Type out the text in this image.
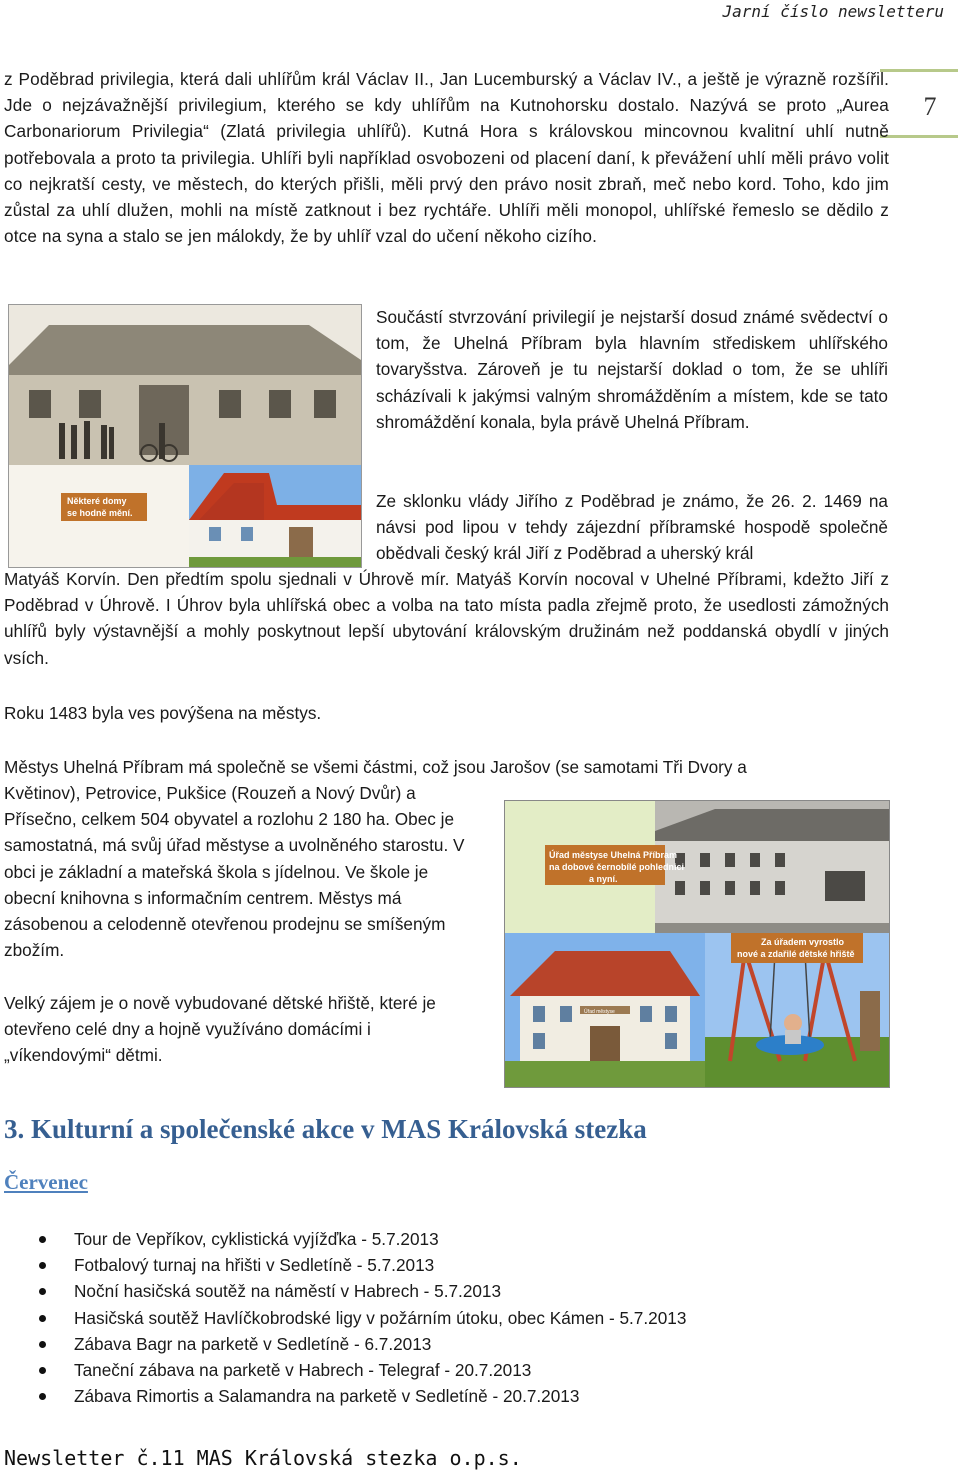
Jarní číslo newsletteru
7

z Poděbrad privilegia, která dali uhlířům král Václav II., Jan Lucemburský a Václav IV., a ještě je výrazně rozšířil. Jde o nejzávažnější privilegium, kterého se kdy uhlířům na Kutnohorsku dostalo. Nazývá se proto „Aurea Carbonariorum Privilegia“ (Zlatá privilegia uhlířů). Kutná Hora s královskou mincovnou kvalitní uhlí nutně potřebovala a proto ta privilegia. Uhlíři byli například osvobozeni od placení daní, k převážení uhlí měli právo volit co nejkratší cesty, ve městech, do kterých přišli, měli prvý den právo nosit zbraň, meč nebo kord. Toho, kdo jim zůstal za uhlí dlužen, mohli na místě zatknout i bez rychtáře. Uhlíři měli monopol, uhlířské řemeslo se dědilo z otce na syna a stalo se jen málokdy, že by uhlíř vzal do učení někoho cizího.

Některé domy
se hodně mění.

Součástí stvrzování privilegií je nejstarší dosud známé svědectví o tom, že Uhelná Příbram byla hlavním střediskem uhlířského tovaryšstva. Zároveň je tu nejstarší doklad o tom, že se uhlíři scházívali k jakýmsi valným shromážděním a místem, kde se tato shromáždění konala, byla právě Uhelná Příbram.

Ze sklonku vlády Jiřího z Poděbrad je známo, že 26. 2. 1469 na návsi pod lipou v tehdy zájezdní příbramské hospodě společně obědvali český král Jiří z Poděbrad a uherský král

Matyáš Korvín. Den předtím spolu sjednali v Úhrově mír. Matyáš Korvín nocoval v Uhelné Příbrami, kdežto Jiří z Poděbrad v Úhrově. I Úhrov byla uhlířská obec a volba na tato místa padla zřejmě proto, že usedlosti zámožných uhlířů byly výstavnější a mohly poskytnout lepší ubytování královským družinám než poddanská obydlí v jiných vsích.

Roku 1483 byla ves povýšena na městys.

Městys Uhelná Příbram má společně se všemi částmi, což jsou Jarošov (se samotami Tři Dvory a

Květinov), Petrovice, Pukšice (Rouzeň a Nový Dvůr) a Přísečno, celkem 504 obyvatel a rozlohu 2 180 ha. Obec je samostatná, má svůj úřad městyse a uvolněného starostu. V obci je základní a mateřská škola s jídelnou. Ve škole je obecní knihovna s informačním centrem. Městys má zásobenou a celodenně otevřenou prodejnu se smíšeným zbožím.

Úřad městyse Uhelná Příbram
na dobové černobílé pohlednici
a nyní.
Úřad městyse
Za úřadem vyrostlo
nové a zdařilé dětské hřiště

Velký zájem je o nově vybudované dětské hřiště, které je otevřeno celé dny a hojně využíváno domácími i „víkendovými“ dětmi.

3. Kulturní a společenské akce v MAS Královská stezka
Červenec
Tour de Vepříkov, cyklistická vyjížďka - 5.7.2013
Fotbalový turnaj na hřišti v Sedletíně - 5.7.2013
Noční hasičská soutěž na náměstí v Habrech - 5.7.2013
Hasičská soutěž Havlíčkobrodské ligy v požárním útoku, obec Kámen - 5.7.2013
Zábava Bagr na parketě v Sedletíně - 6.7.2013
Taneční zábava na parketě v Habrech - Telegraf - 20.7.2013
Zábava Rimortis a Salamandra na parketě v Sedletíně - 20.7.2013
Newsletter č.11 MAS Královská stezka o.p.s.
